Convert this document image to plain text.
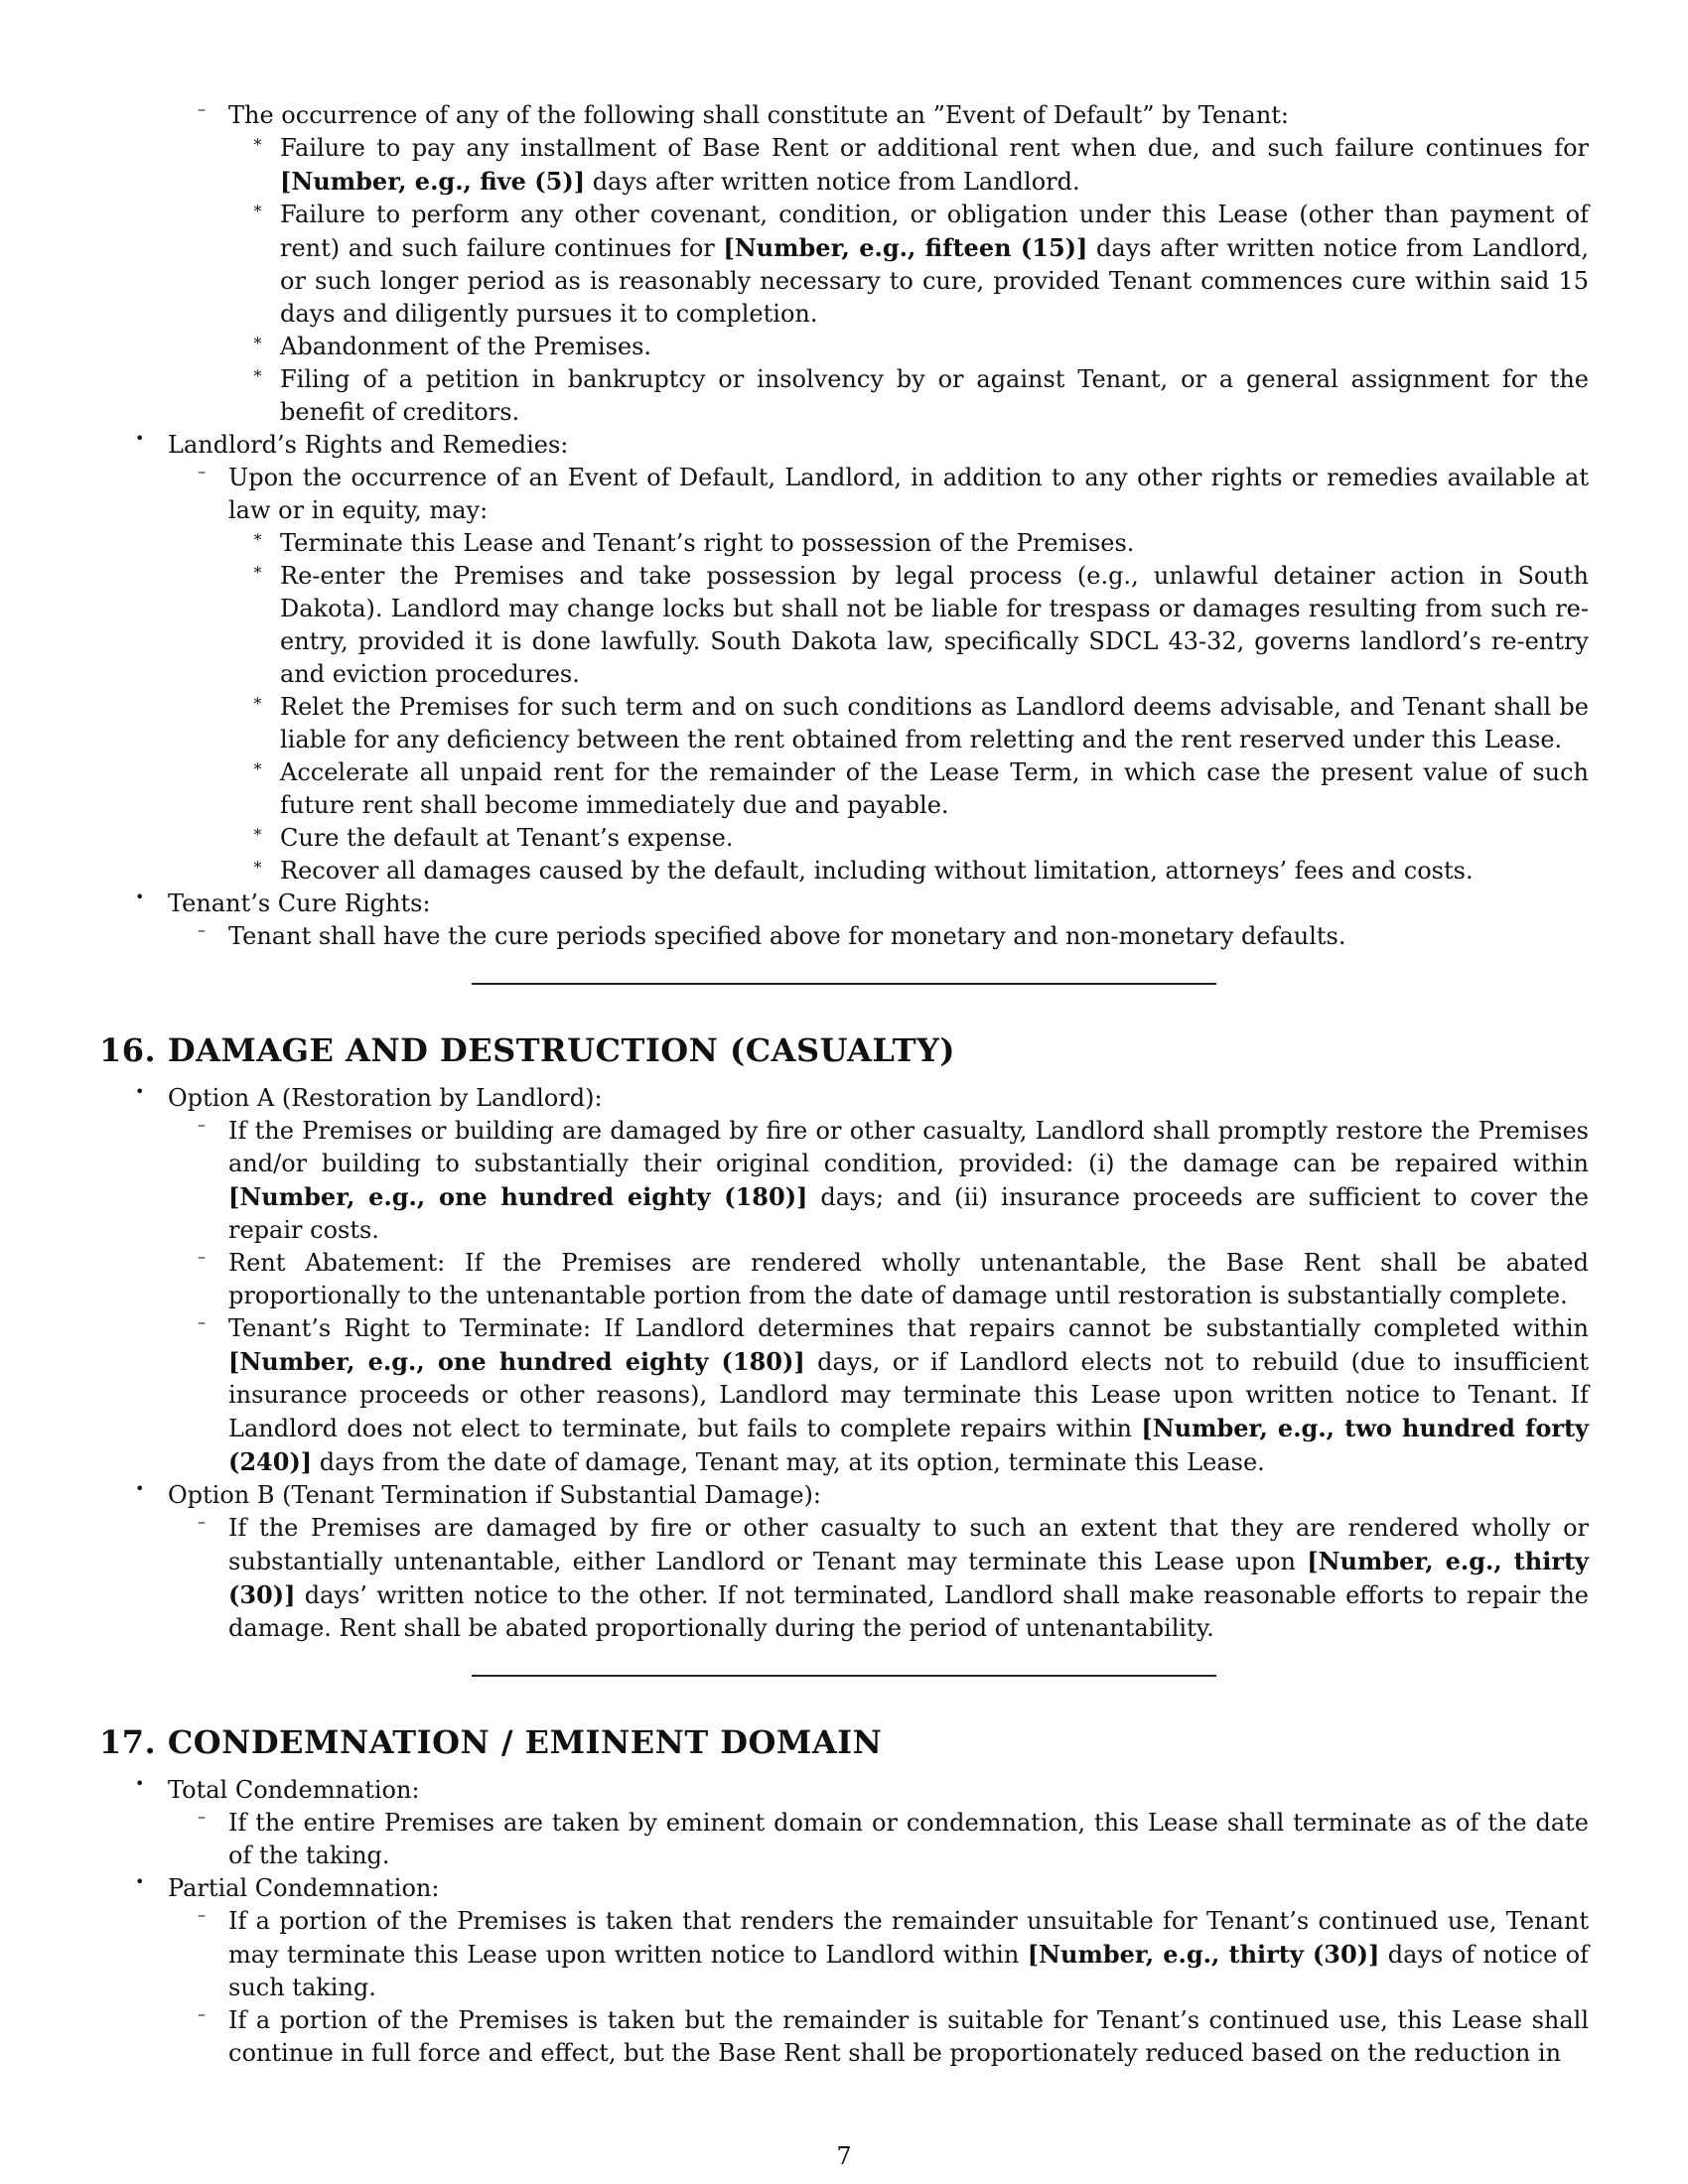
– The occurrence of any of the following shall constitute an ”Event of Default” by Tenant:
∗ Failure to pay any installment of Base Rent or additional rent when due, and such failure continues for [Number, e.g., five (5)] days after written notice from Landlord.
∗ Failure to perform any other covenant, condition, or obligation under this Lease (other than payment of rent) and such failure continues for [Number, e.g., fifteen (15)] days after written notice from Landlord, or such longer period as is reasonably necessary to cure, provided Tenant commences cure within said 15 days and diligently pursues it to completion.
∗ Abandonment of the Premises.
∗ Filing of a petition in bankruptcy or insolvency by or against Tenant, or a general assignment for the benefit of creditors.
• Landlord’s Rights and Remedies:
– Upon the occurrence of an Event of Default, Landlord, in addition to any other rights or remedies available at law or in equity, may:
∗ Terminate this Lease and Tenant’s right to possession of the Premises.
∗ Re-enter the Premises and take possession by legal process (e.g., unlawful detainer action in South Dakota). Landlord may change locks but shall not be liable for trespass or damages resulting from such re-entry, provided it is done lawfully. South Dakota law, specifically SDCL 43-32, governs landlord’s re-entry and eviction procedures.
∗ Relet the Premises for such term and on such conditions as Landlord deems advisable, and Tenant shall be liable for any deficiency between the rent obtained from reletting and the rent reserved under this Lease.
∗ Accelerate all unpaid rent for the remainder of the Lease Term, in which case the present value of such future rent shall become immediately due and payable.
∗ Cure the default at Tenant’s expense.
∗ Recover all damages caused by the default, including without limitation, attorneys’ fees and costs.
• Tenant’s Cure Rights:
– Tenant shall have the cure periods specified above for monetary and non-monetary defaults.
16. DAMAGE AND DESTRUCTION (CASUALTY)
• Option A (Restoration by Landlord):
– If the Premises or building are damaged by fire or other casualty, Landlord shall promptly restore the Premises and/or building to substantially their original condition, provided: (i) the damage can be repaired within [Number, e.g., one hundred eighty (180)] days; and (ii) insurance proceeds are sufficient to cover the repair costs.
– Rent Abatement: If the Premises are rendered wholly untenantable, the Base Rent shall be abated proportionally to the untenantable portion from the date of damage until restoration is substantially complete.
– Tenant’s Right to Terminate: If Landlord determines that repairs cannot be substantially completed within [Number, e.g., one hundred eighty (180)] days, or if Landlord elects not to rebuild (due to insufficient insurance proceeds or other reasons), Landlord may terminate this Lease upon written notice to Tenant. If Landlord does not elect to terminate, but fails to complete repairs within [Number, e.g., two hundred forty (240)] days from the date of damage, Tenant may, at its option, terminate this Lease.
• Option B (Tenant Termination if Substantial Damage):
– If the Premises are damaged by fire or other casualty to such an extent that they are rendered wholly or substantially untenantable, either Landlord or Tenant may terminate this Lease upon [Number, e.g., thirty (30)] days’ written notice to the other. If not terminated, Landlord shall make reasonable efforts to repair the damage. Rent shall be abated proportionally during the period of untenantability.
17. CONDEMNATION / EMINENT DOMAIN
• Total Condemnation:
– If the entire Premises are taken by eminent domain or condemnation, this Lease shall terminate as of the date of the taking.
• Partial Condemnation:
– If a portion of the Premises is taken that renders the remainder unsuitable for Tenant’s continued use, Tenant may terminate this Lease upon written notice to Landlord within [Number, e.g., thirty (30)] days of notice of such taking.
– If a portion of the Premises is taken but the remainder is suitable for Tenant’s continued use, this Lease shall continue in full force and effect, but the Base Rent shall be proportionately reduced based on the reduction in
7
